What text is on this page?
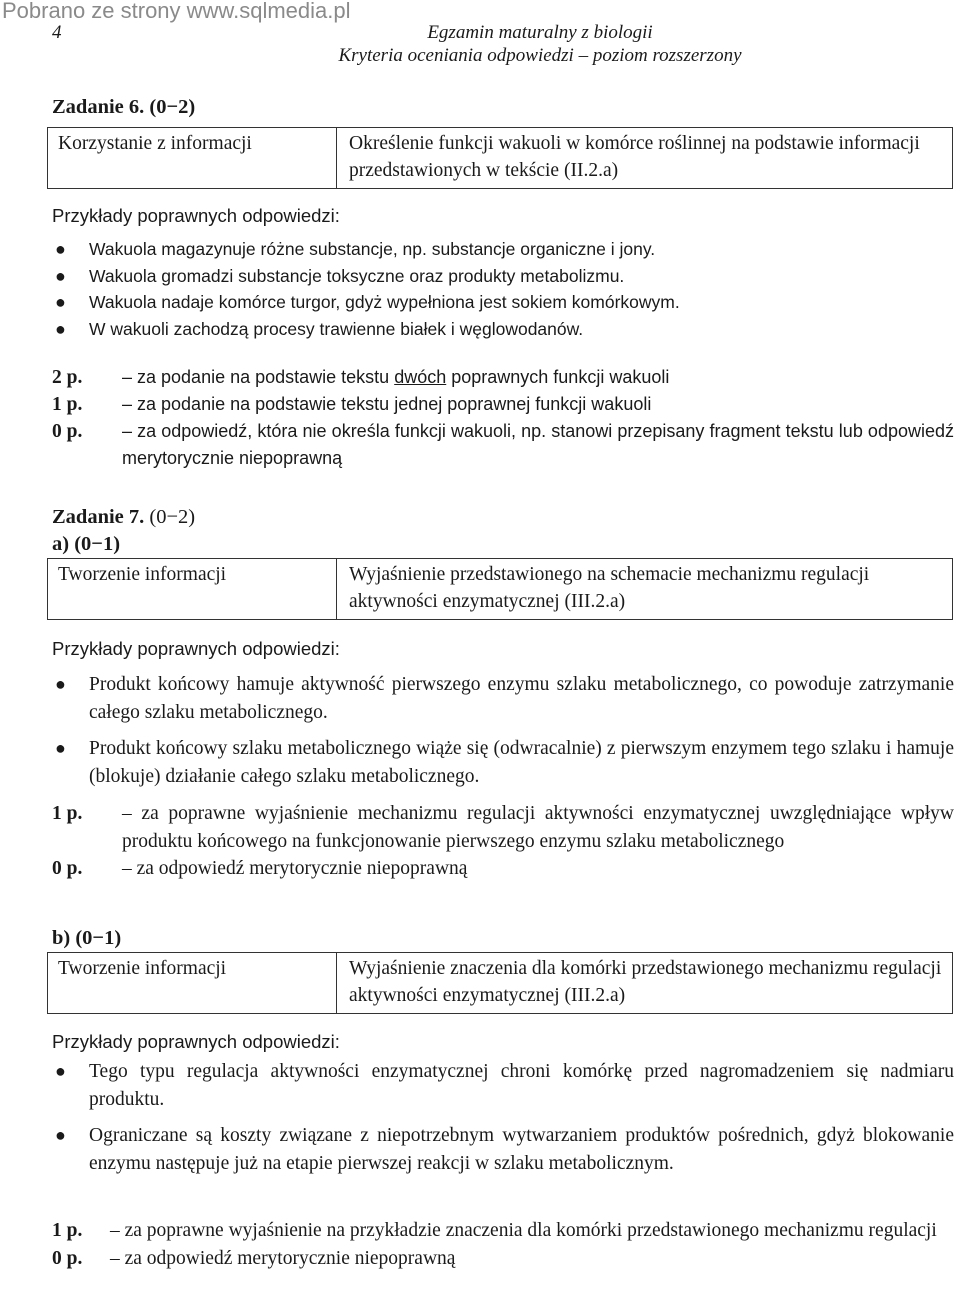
Pobrano ze strony www.sqlmedia.pl
4	Egzamin maturalny z biologii
Kryteria oceniania odpowiedzi – poziom rozszerzony
Zadanie 6. (0−2)
Korzystanie z informacji	Określenie funkcji wakuoli w komórce roślinnej na podstawie informacji przedstawionych w tekście (II.2.a)
Przykłady poprawnych odpowiedzi:
● Wakuola magazynuje różne substancje, np. substancje organiczne i jony.
● Wakuola gromadzi substancje toksyczne oraz produkty metabolizmu.
● Wakuola nadaje komórce turgor, gdyż wypełniona jest sokiem komórkowym.
● W wakuoli zachodzą procesy trawienne białek i węglowodanów.
2 p. – za podanie na podstawie tekstu dwóch poprawnych funkcji wakuoli
1 p. – za podanie na podstawie tekstu jednej poprawnej funkcji wakuoli
0 p. – za odpowiedź, która nie określa funkcji wakuoli, np. stanowi przepisany fragment tekstu lub odpowiedź merytorycznie niepoprawną
Zadanie 7. (0−2)
a) (0−1)
Tworzenie informacji	Wyjaśnienie przedstawionego na schemacie mechanizmu regulacji aktywności enzymatycznej (III.2.a)
Przykłady poprawnych odpowiedzi:
● Produkt końcowy hamuje aktywność pierwszego enzymu szlaku metabolicznego, co powoduje zatrzymanie całego szlaku metabolicznego.
● Produkt końcowy szlaku metabolicznego wiąże się (odwracalnie) z pierwszym enzymem tego szlaku i hamuje (blokuje) działanie całego szlaku metabolicznego.
1 p. – za poprawne wyjaśnienie mechanizmu regulacji aktywności enzymatycznej uwzględniające wpływ produktu końcowego na funkcjonowanie pierwszego enzymu szlaku metabolicznego
0 p. – za odpowiedź merytorycznie niepoprawną
b) (0−1)
Tworzenie informacji	Wyjaśnienie znaczenia dla komórki przedstawionego mechanizmu regulacji aktywności enzymatycznej (III.2.a)
Przykłady poprawnych odpowiedzi:
● Tego typu regulacja aktywności enzymatycznej chroni komórkę przed nagromadzeniem się nadmiaru produktu.
● Ograniczane są koszty związane z niepotrzebnym wytwarzaniem produktów pośrednich, gdyż blokowanie enzymu następuje już na etapie pierwszej reakcji w szlaku metabolicznym.
1 p. – za poprawne wyjaśnienie na przykładzie znaczenia dla komórki przedstawionego mechanizmu regulacji
0 p. – za odpowiedź merytorycznie niepoprawną
